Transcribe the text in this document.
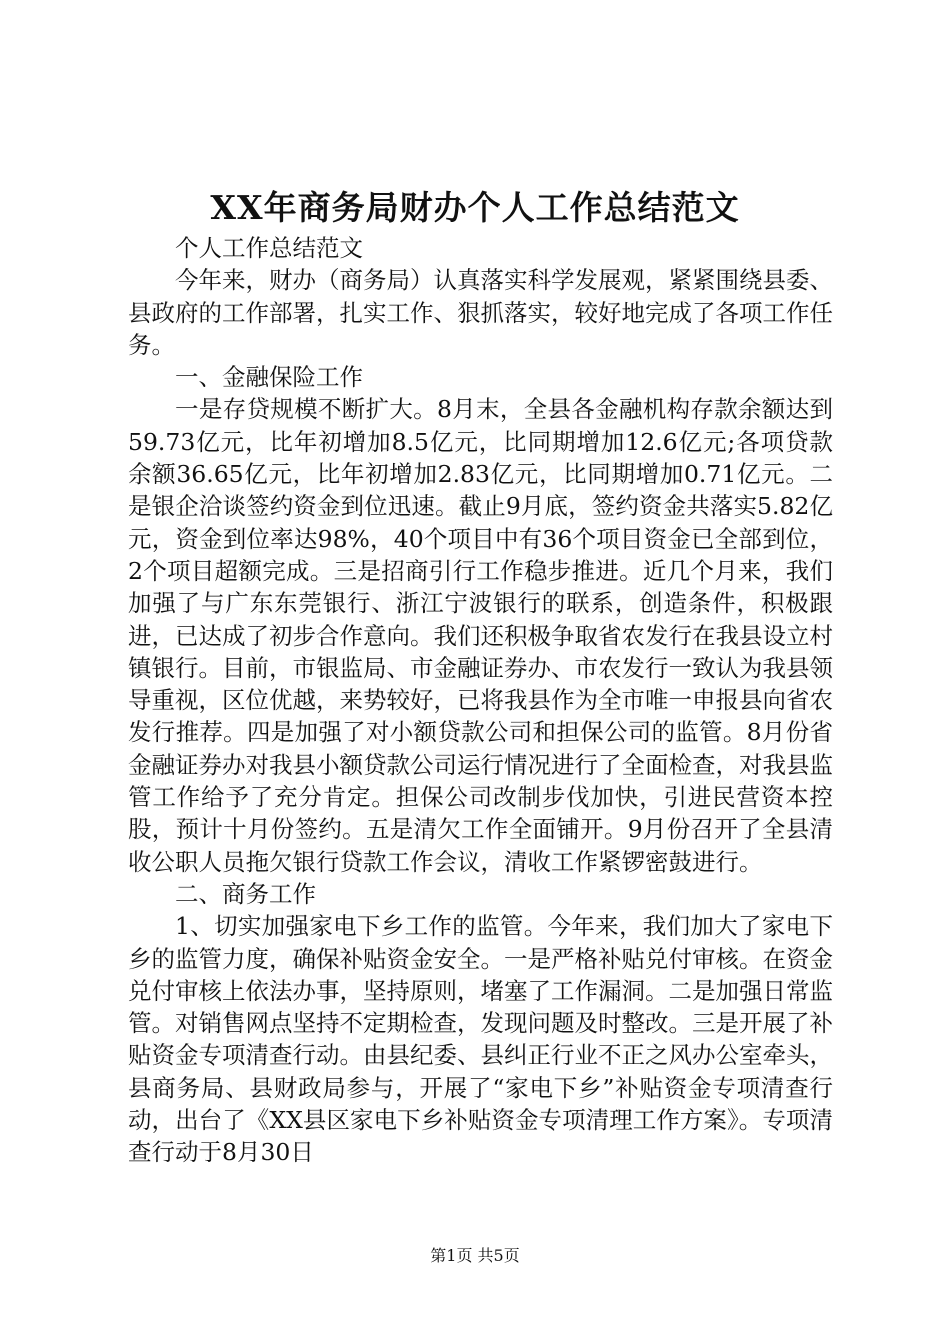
XX年商务局财办个人工作总结范文

个人工作总结范文

今年来，财办（商务局）认真落实科学发展观，紧紧围绕县委、县政府的工作部署，扎实工作、狠抓落实，较好地完成了各项工作任务。

一、金融保险工作

一是存贷规模不断扩大。8月末，全县各金融机构存款余额达到59.73亿元，比年初增加8.5亿元，比同期增加12.6亿元;各项贷款余额36.65亿元，比年初增加2.83亿元，比同期增加0.71亿元。二是银企洽谈签约资金到位迅速。截止9月底，签约资金共落实5.82亿元，资金到位率达98%，40个项目中有36个项目资金已全部到位，2个项目超额完成。三是招商引行工作稳步推进。近几个月来，我们加强了与广东东莞银行、浙江宁波银行的联系，创造条件，积极跟进，已达成了初步合作意向。我们还积极争取省农发行在我县设立村镇银行。目前，市银监局、市金融证券办、市农发行一致认为我县领导重视，区位优越，来势较好，已将我县作为全市唯一申报县向省农发行推荐。四是加强了对小额贷款公司和担保公司的监管。8月份省金融证券办对我县小额贷款公司运行情况进行了全面检查，对我县监管工作给予了充分肯定。担保公司改制步伐加快，引进民营资本控股，预计十月份签约。五是清欠工作全面铺开。9月份召开了全县清收公职人员拖欠银行贷款工作会议，清收工作紧锣密鼓进行。

二、商务工作

1、切实加强家电下乡工作的监管。今年来，我们加大了家电下乡的监管力度，确保补贴资金安全。一是严格补贴兑付审核。在资金兑付审核上依法办事，坚持原则，堵塞了工作漏洞。二是加强日常监管。对销售网点坚持不定期检查，发现问题及时整改。三是开展了补贴资金专项清查行动。由县纪委、县纠正行业不正之风办公室牵头，县商务局、县财政局参与，开展了“家电下乡”补贴资金专项清查行动，出台了《XX县区家电下乡补贴资金专项清理工作方案》。专项清查行动于8月30日

第1页 共5页
